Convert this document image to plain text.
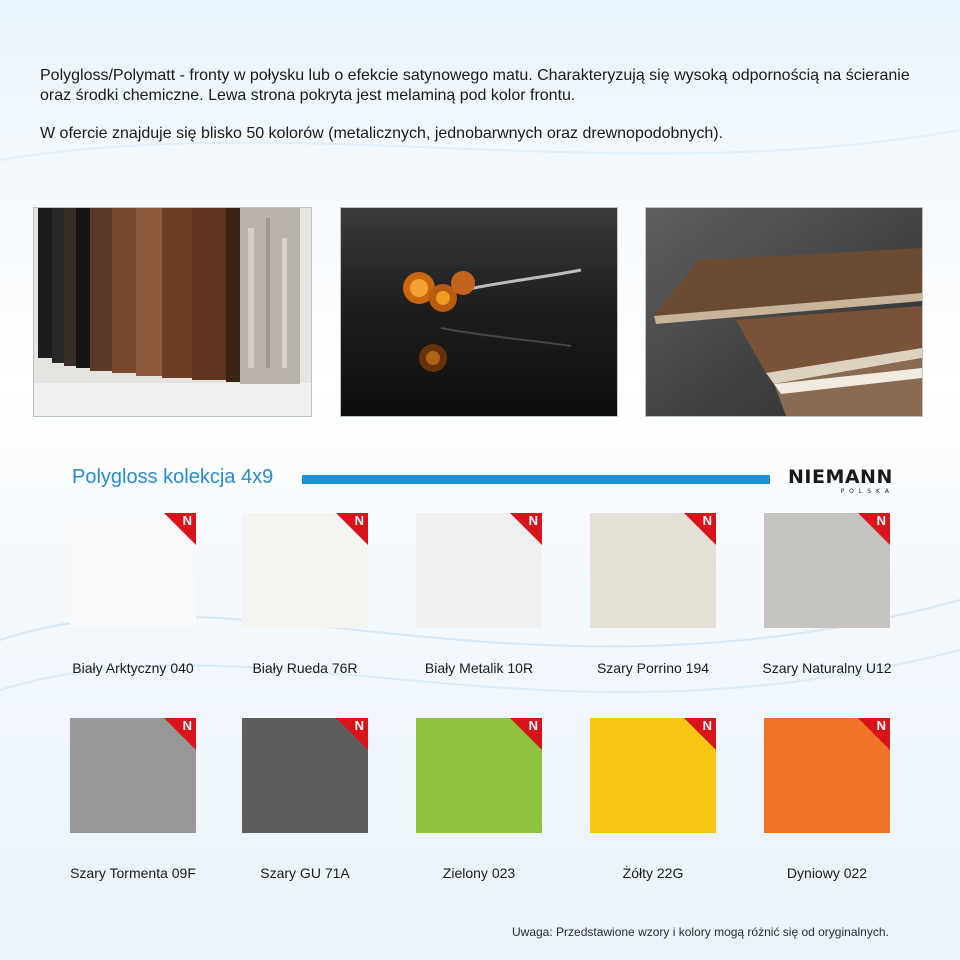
Polygloss/Polymatt - fronty w połysku lub o efekcie satynowego matu. Charakteryzują się wysoką odpornością na ścieranie oraz środki chemiczne. Lewa strona pokryta jest melaminą pod kolor frontu.

W ofercie znajduje się blisko 50 kolorów (metalicznych, jednobarwnych oraz drewnopodobnych).

Polygloss kolekcja 4x9	NIEMANN
POLSKA
N
Biały Arktyczny 040
N
Biały Rueda 76R
N
Biały Metalik 10R
N
Szary Porrino 194
N
Szary Naturalny U12
N
Szary Tormenta 09F
N
Szary GU 71A
N
Zielony 023
N
Żółty 22G
N
Dyniowy 022
Uwaga: Przedstawione wzory i kolory mogą różnić się od oryginalnych.
